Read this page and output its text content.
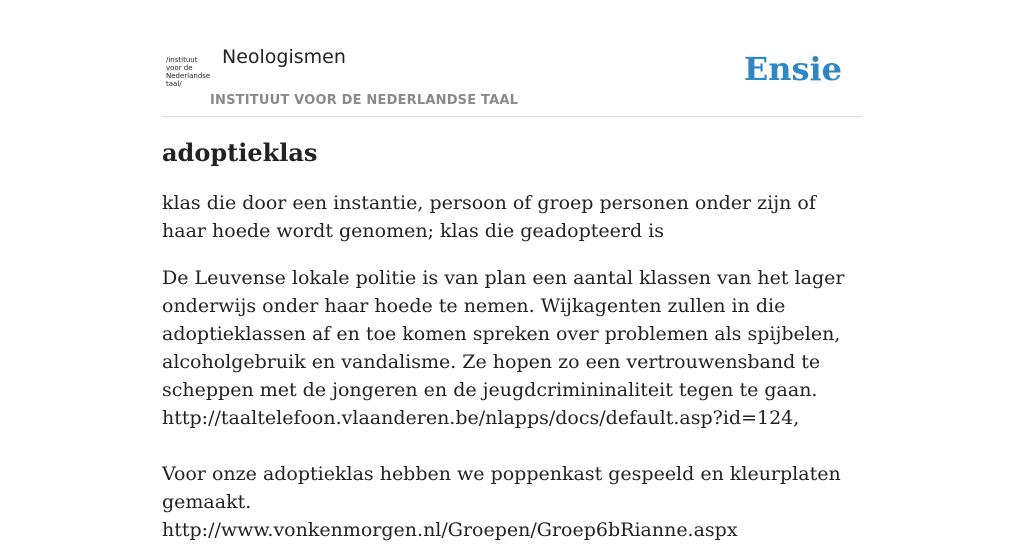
/instituut
voor de
Nederlandse
taal/
Neologismen
INSTITUUT VOOR DE NEDERLANDSE TAAL
Ensie
adoptieklas

klas die door een instantie, persoon of groep personen onder zijn of haar hoede wordt genomen; klas die geadopteerd is

De Leuvense lokale politie is van plan een aantal klassen van het lager onderwijs onder haar hoede te nemen. Wijkagenten zullen in die adoptieklassen af en toe komen spreken over problemen als spijbelen, alcoholgebruik en vandalisme. Ze hopen zo een vertrouwensband te scheppen met de jongeren en de jeugdcrimininaliteit tegen te gaan.

http://taaltelefoon.vlaanderen.be/nlapps/docs/default.asp?id=124,

Voor onze adoptieklas hebben we poppenkast gespeeld en kleurplaten gemaakt.

http://www.vonkenmorgen.nl/Groepen/Groep6bRianne.aspx
